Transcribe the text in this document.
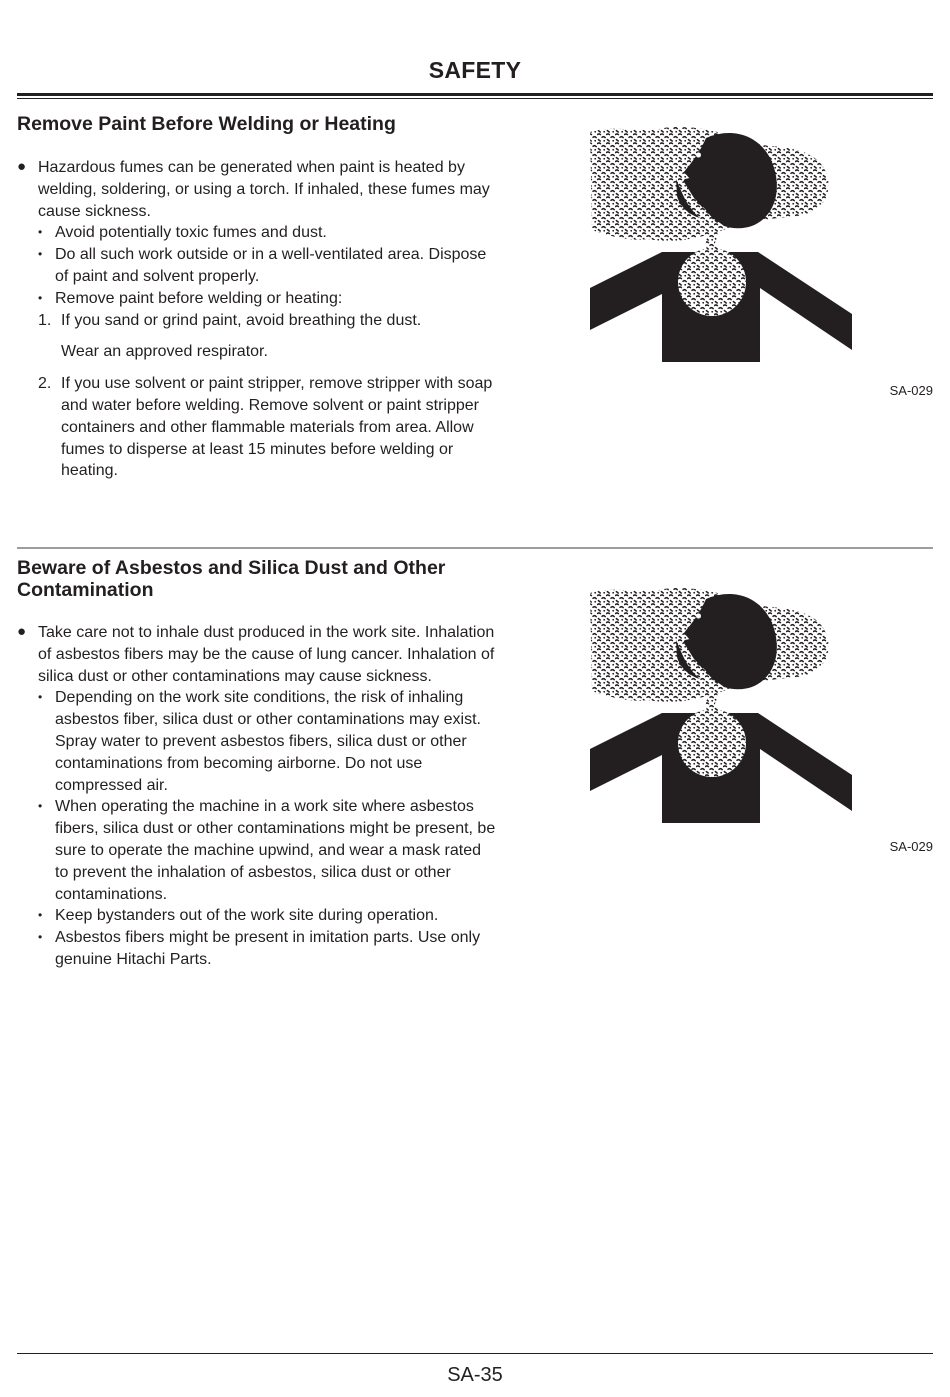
SAFETY
Remove Paint Before Welding or Heating
● Hazardous fumes can be generated when paint is heated by welding, soldering, or using a torch. If inhaled, these fumes may cause sickness.
• Avoid potentially toxic fumes and dust.
• Do all such work outside or in a well-ventilated area. Dispose of paint and solvent properly.
• Remove paint before welding or heating:
1. If you sand or grind paint, avoid breathing the dust.
Wear an approved respirator.
2. If you use solvent or paint stripper, remove stripper with soap and water before welding. Remove solvent or paint stripper containers and other flammable materials from area. Allow fumes to disperse at least 15 minutes before welding or heating.
SA-029
Beware of Asbestos and Silica Dust and Other Contamination
● Take care not to inhale dust produced in the work site. Inhalation of asbestos fibers may be the cause of lung cancer. Inhalation of silica dust or other contaminations may cause sickness.
• Depending on the work site conditions, the risk of inhaling asbestos fiber, silica dust or other contaminations may exist. Spray water to prevent asbestos fibers, silica dust or other contaminations from becoming airborne. Do not use compressed air.
• When operating the machine in a work site where asbestos fibers, silica dust or other contaminations might be present, be sure to operate the machine upwind, and wear a mask rated to prevent the inhalation of asbestos, silica dust or other contaminations.
• Keep bystanders out of the work site during operation.
• Asbestos fibers might be present in imitation parts. Use only genuine Hitachi Parts.
SA-029
SA-35
